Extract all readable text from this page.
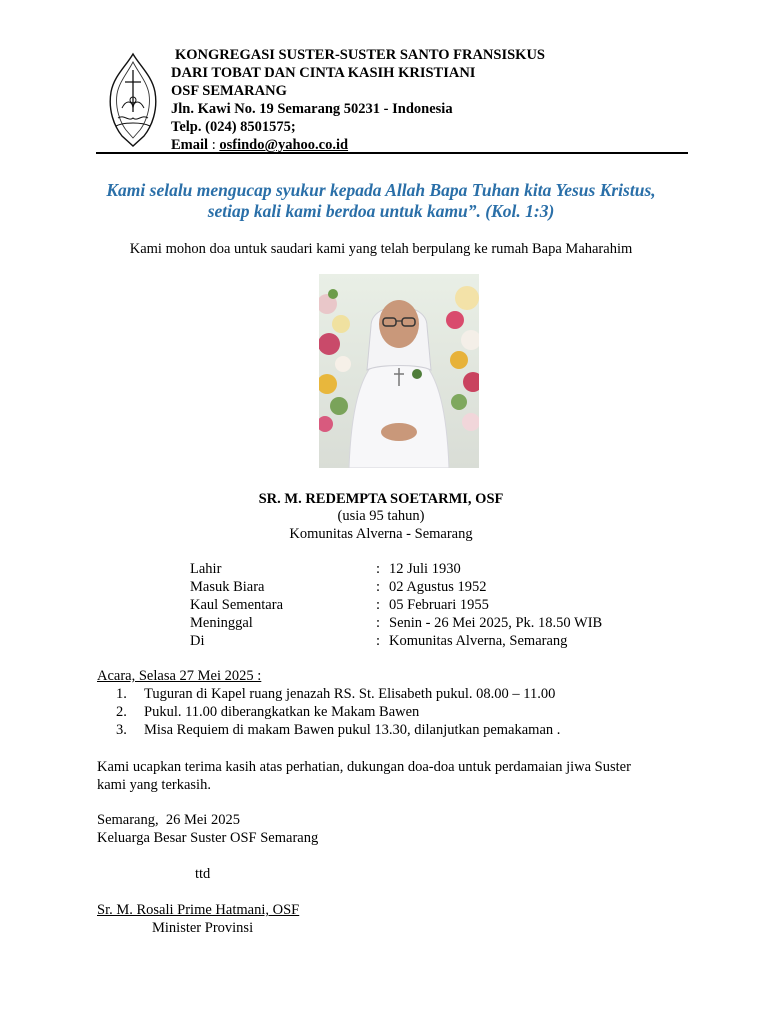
KONGREGASI SUSTER-SUSTER SANTO FRANSISKUS
DARI TOBAT DAN CINTA KASIH KRISTIANI
OSF SEMARANG
Jln. Kawi No. 19 Semarang 50231 - Indonesia
Telp. (024) 8501575;
Email : osfindo@yahoo.co.id
Kami selalu mengucap syukur kepada Allah Bapa Tuhan kita Yesus Kristus,
setiap kali kami berdoa untuk kamu”. (Kol. 1:3)
Kami mohon doa untuk saudari kami yang telah berpulang ke rumah Bapa Maharahim
SR. M. REDEMPTA SOETARMI, OSF
(usia 95 tahun)
Komunitas Alverna - Semarang
Lahir	: 12 Juli 1930
Masuk Biara	: 02 Agustus 1952
Kaul Sementara	: 05 Februari 1955
Meninggal	: Senin - 26 Mei 2025, Pk. 18.50 WIB
Di	: Komunitas Alverna, Semarang
Acara, Selasa 27 Mei 2025 :
1. Tuguran di Kapel ruang jenazah RS. St. Elisabeth pukul. 08.00 – 11.00
2. Pukul. 11.00 diberangkatkan ke Makam Bawen
3. Misa Requiem di makam Bawen pukul 13.30, dilanjutkan pemakaman .
Kami ucapkan terima kasih atas perhatian, dukungan doa-doa untuk perdamaian jiwa Suster
kami yang terkasih.
Semarang,  26 Mei 2025
Keluarga Besar Suster OSF Semarang
ttd
Sr. M. Rosali Prime Hatmani, OSF
Minister Provinsi
